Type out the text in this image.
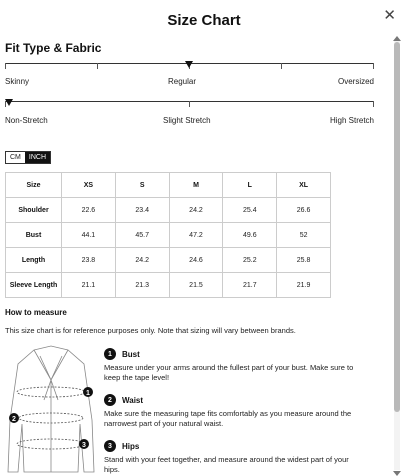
Size Chart	✕
Fit Type & Fabric
Skinny	Regular	Oversized
Non-Stretch	Slight Stretch	High Stretch
CM	INCH
Size	XS	S	M	L	XL
Shoulder	22.6	23.4	24.2	25.4	26.6
Bust	44.1	45.7	47.2	49.6	52
Length	23.8	24.2	24.6	25.2	25.8
Sleeve Length	21.1	21.3	21.5	21.7	21.9
How to measure
This size chart is for reference purposes only. Note that sizing will vary between brands.
1
2
3
1	Bust
Measure under your arms around the fullest part of your bust. Make sure to keep the tape level!
2	Waist
Make sure the measuring tape fits comfortably as you measure around the narrowest part of your natural waist.
3	Hips
Stand with your feet together, and measure around the widest part of your hips.
